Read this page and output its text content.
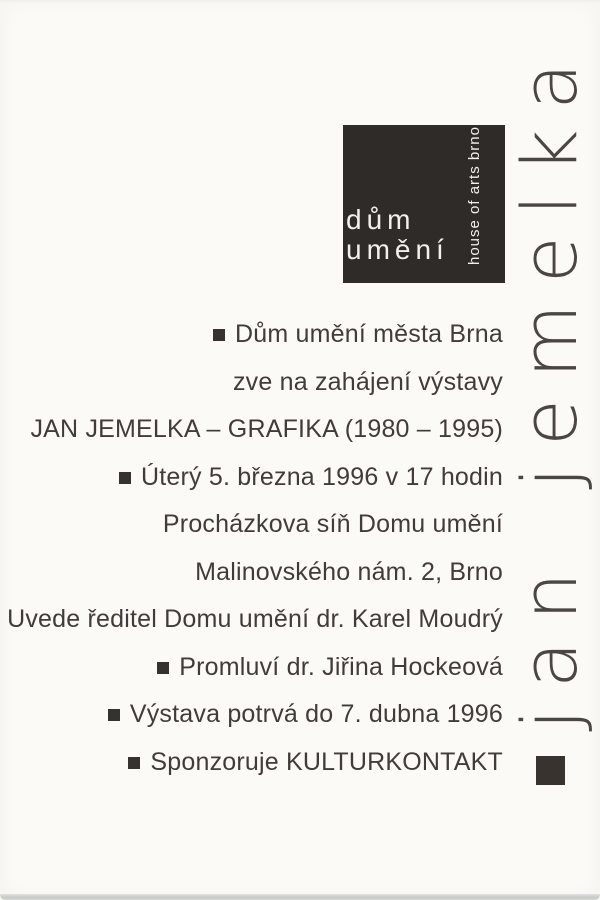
dům
umění house of arts brno jan jemelka
Dům umění města Brna
zve na zahájení výstavy
JAN JEMELKA – GRAFIKA (1980 – 1995)
Úterý 5. března 1996 v 17 hodin
Procházkova síň Domu umění
Malinovského nám. 2, Brno
Uvede ředitel Domu umění dr. Karel Moudrý
Promluví dr. Jiřina Hockeová
Výstava potrvá do 7. dubna 1996
Sponzoruje KULTURKONTAKT
